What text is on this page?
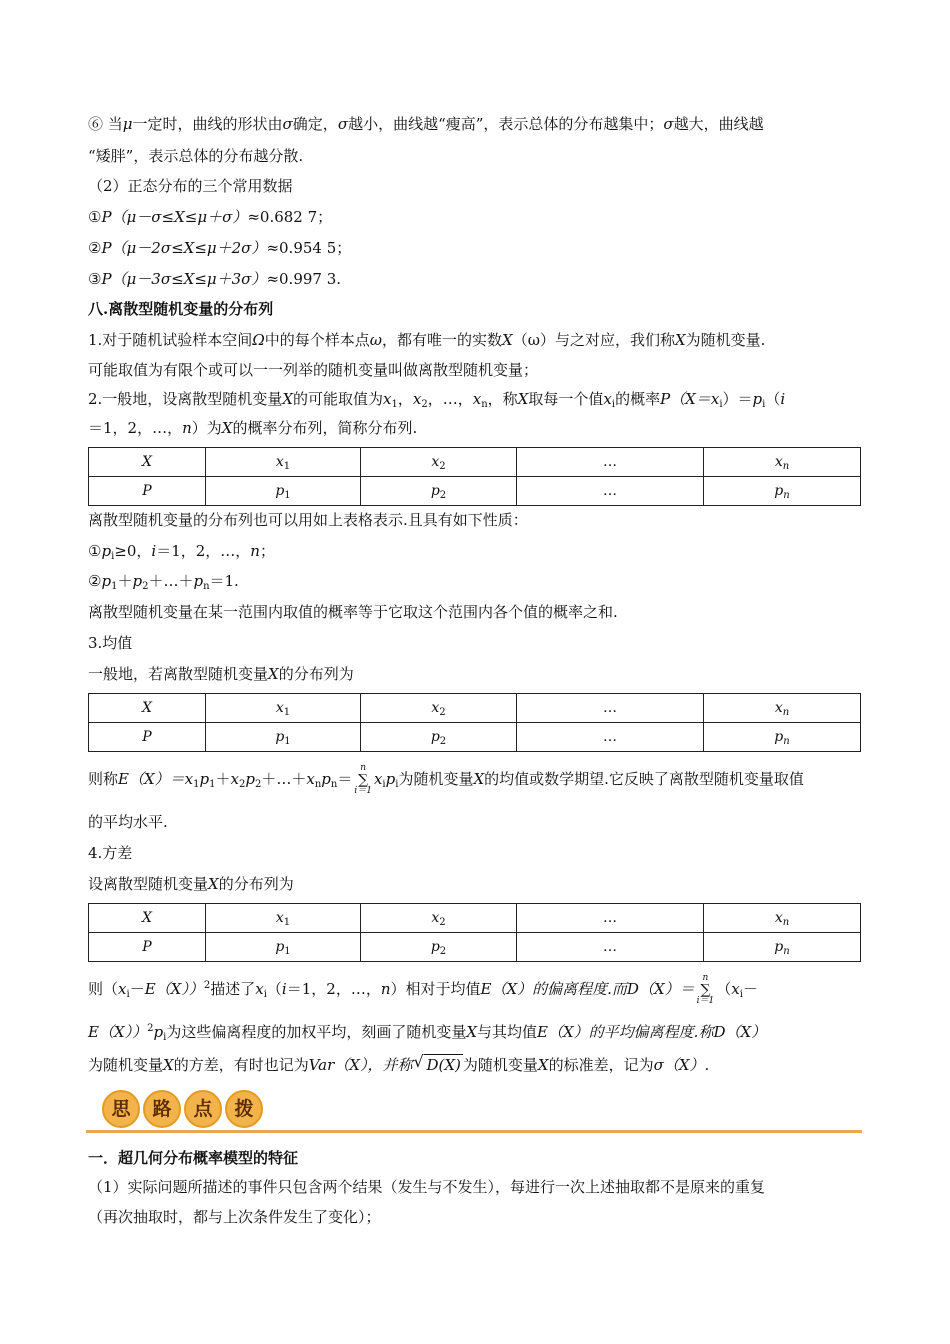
⑥ 当μ一定时，曲线的形状由σ确定，σ越小，曲线越“瘦高”，表示总体的分布越集中；σ越大，曲线越
“矮胖”，表示总体的分布越分散.
（2）正态分布的三个常用数据
①P（μ－σ≤X≤μ＋σ）≈0.682 7；
②P（μ－2σ≤X≤μ＋2σ）≈0.954 5；
③P（μ－3σ≤X≤μ＋3σ）≈0.997 3.
八.离散型随机变量的分布列
1.对于随机试验样本空间Ω中的每个样本点ω，都有唯一的实数X（ω）与之对应，我们称X为随机变量.
可能取值为有限个或可以一一列举的随机变量叫做离散型随机变量；
2.一般地，设离散型随机变量X的可能取值为$x_1$，$x_2$，…，$x_n$，称X取每一个值$x_i$的概率$P(X=x_i)=p_i(i$
＝1，2，…，n）为X的概率分布列，简称分布列.
X	$x_1$	$x_2$	…	$x_n$
P	$p_1$	$p_2$	…	$p_n$
离散型随机变量的分布列也可以用如上表格表示.且具有如下性质：
$①p_i\ge 0$，i＝1，2，…，n；
$②p_1+p_2+\dots+p_n=1$.
离散型随机变量在某一范围内取值的概率等于它取这个范围内各个值的概率之和.
3.均值
一般地，若离散型随机变量X的分布列为
X	$x_1$	$x_2$	…	$x_n$
P	$p_1$	$p_2$	…	$p_n$
则称$E(X)=x_1p_1+x_2p_2+\dots+x_np_n=n$
∑
$i=1x_ip_i$为随机变量X的均值或数学期望.它反映了离散型随机变量取值
的平均水平.
4.方差
设离散型随机变量X的分布列为
X	$x_1$	$x_2$	…	$x_n$
P	$p_1$	$p_2$	…	$p_n$
则$(x_i-E(X))^2$描述了$x_i(i=1$，2，…，n）相对于均值E（X）的偏离程度.而D（X）＝n
∑
$i=1(x_i-$
$E(X))^2p_i$为这些偏离程度的加权平均，刻画了随机变量X与其均值E（X）的平均偏离程度.称D（X）
为随机变量X的方差，有时也记为Var（X），并称 √ D(X) 为随机变量X的标准差，记为σ（X）.
思 路 点 拨
一．超几何分布概率模型的特征
（1）实际问题所描述的事件只包含两个结果（发生与不发生），每进行一次上述抽取都不是原来的重复
（再次抽取时，都与上次条件发生了变化）；
